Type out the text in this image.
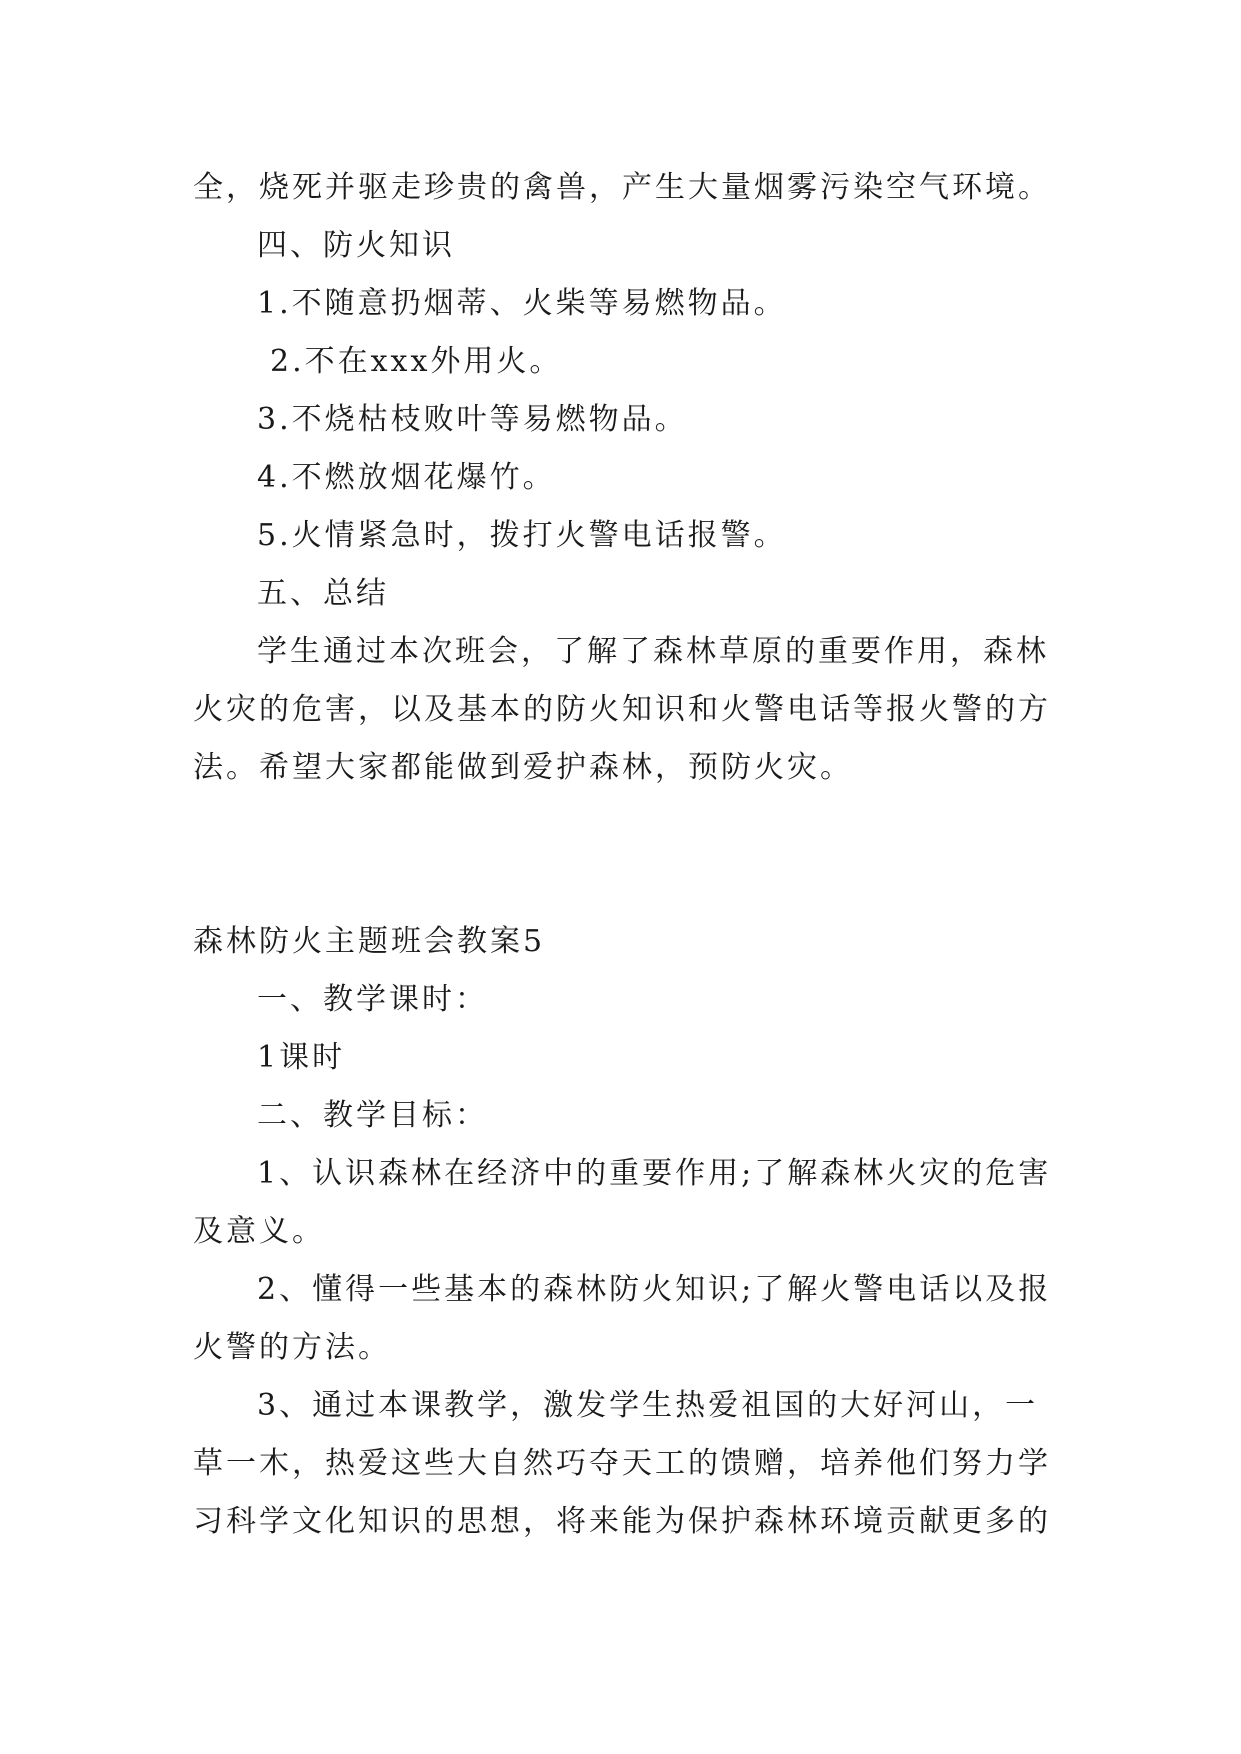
全，烧死并驱走珍贵的禽兽，产生大量烟雾污染空气环境。
四、防火知识
1.不随意扔烟蒂、火柴等易燃物品。
2.不在xxx外用火。
3.不烧枯枝败叶等易燃物品。
4.不燃放烟花爆竹。
5.火情紧急时，拨打火警电话报警。
五、总结
学生通过本次班会，了解了森林草原的重要作用，森林
火灾的危害，以及基本的防火知识和火警电话等报火警的方
法。希望大家都能做到爱护森林，预防火灾。
森林防火主题班会教案5
一、教学课时：
1课时
二、教学目标：
1、认识森林在经济中的重要作用;了解森林火灾的危害
及意义。
2、懂得一些基本的森林防火知识;了解火警电话以及报
火警的方法。
3、通过本课教学，激发学生热爱祖国的大好河山，一
草一木，热爱这些大自然巧夺天工的馈赠，培养他们努力学
习科学文化知识的思想，将来能为保护森林环境贡献更多的
